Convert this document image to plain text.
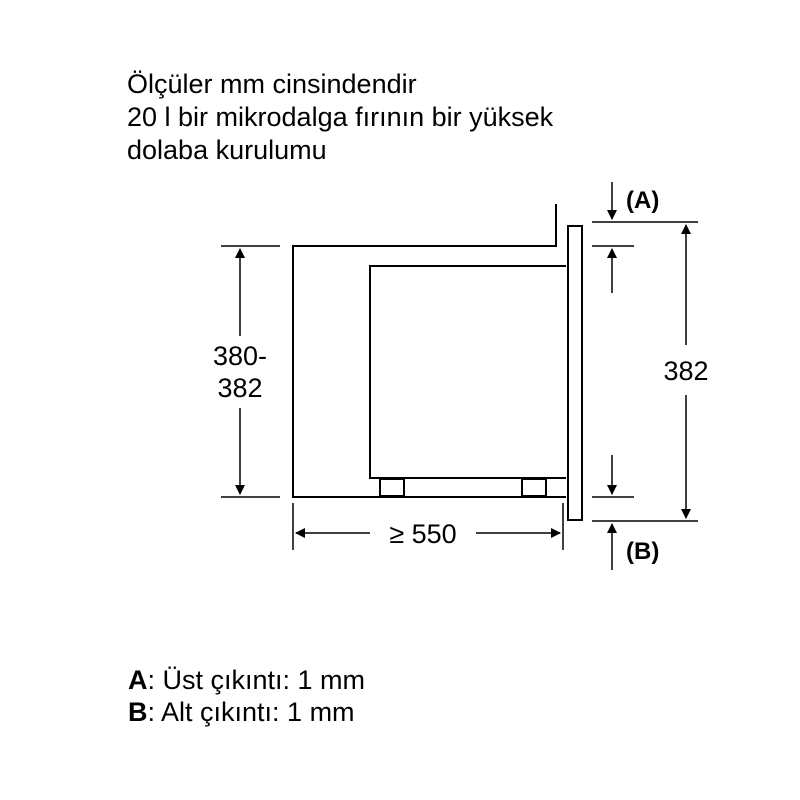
Ölçüler mm cinsindendir
20 l bir mikrodalga fırının bir yüksek
dolaba kurulumu
380-
382
382
(A)
(B)
≥ 550
A: Üst çıkıntı: 1 mm
B: Alt çıkıntı: 1 mm
